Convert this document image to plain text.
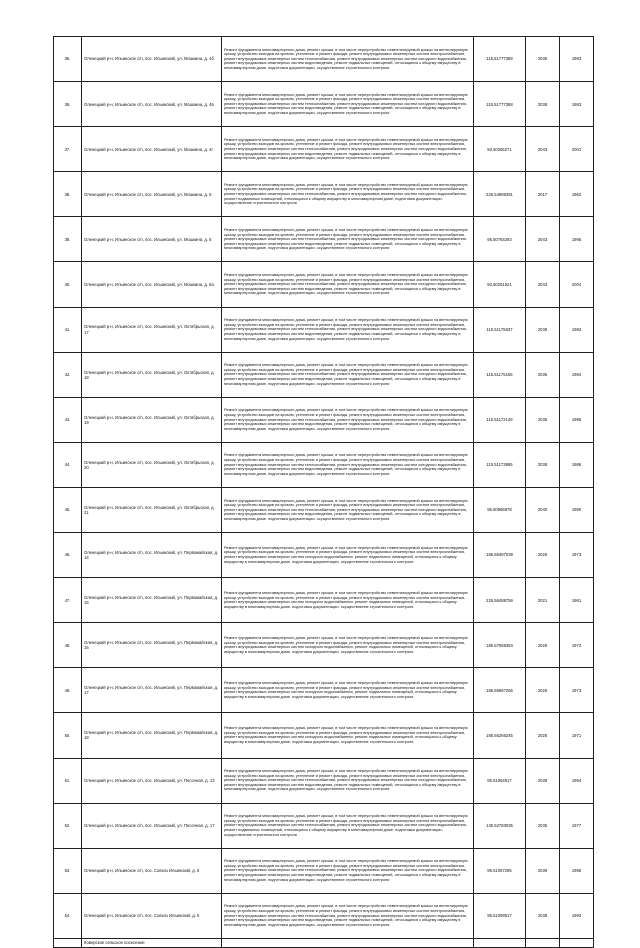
35.	Оленецкий р-н, Ильинское с/п, пос. Ильинский, ул. Мошкина, д. 4б	Ремонт фундамента многоквартирного дома, ремонт крыши, в том числе переустройство невентилируемой крыши на вентилируемую крышу, устройство выходов на кровлю, утепление и ремонт фасада, ремонт внутридомовых инженерных систем электроснабжения, ремонт внутридомовых инженерных систем теплоснабжения, ремонт внутридомовых инженерных систем холодного водоснабжения, ремонт внутридомовых инженерных систем водоотведения, ремонт подвальных помещений, относящихся к общему имуществу в многоквартирном доме, подготовка документации, осуществление строительного контроля	115.51777388	2036	1983
36.	Оленецкий р-н, Ильинское с/п, пос. Ильинский, ул. Мошкина, д. 4в	Ремонт фундамента многоквартирного дома, ремонт крыши, в том числе переустройство невентилируемой крыши на вентилируемую крышу, устройство выходов на кровлю, утепление и ремонт фасада, ремонт внутридомовых инженерных систем электроснабжения, ремонт внутридомовых инженерных систем теплоснабжения, ремонт внутридомовых инженерных систем холодного водоснабжения, ремонт внутридомовых инженерных систем водоотведения, ремонт подвальных помещений, относящихся к общему имуществу в многоквартирном доме, подготовка документации, осуществление строительного контроля	115.51777388	2038	1983
37.	Оленецкий р-н, Ильинское с/п, пос. Ильинский, ул. Мошкина, д. 4г	Ремонт фундамента многоквартирного дома, ремонт крыши, в том числе переустройство невентилируемой крыши на вентилируемую крышу, устройство выходов на кровлю, утепление и ремонт фасада, ремонт внутридомовых инженерных систем электроснабжения, ремонт внутридомовых инженерных систем теплоснабжения, ремонт внутридомовых инженерных систем холодного водоснабжения, ремонт внутридомовых инженерных систем водоотведения, ремонт подвальных помещений, относящихся к общему имуществу в многоквартирном доме, подготовка документации, осуществление строительного контроля	50.50265271	2043	2001
38.	Оленецкий р-н, Ильинское с/п, пос. Ильинский, ул. Мошкина, д. 5	Ремонт фундамента многоквартирного дома, ремонт крыши, в том числе переустройство невентилируемой крыши на вентилируемую крышу, устройство выходов на кровлю, утепление и ремонт фасада, ремонт внутридомовых инженерных систем электроснабжения, ремонт внутридомовых инженерных систем теплоснабжения, ремонт внутридомовых инженерных систем холодного водоснабжения, ремонт подвальных помещений, относящихся к общему имуществу в многоквартирном доме, подготовка документации, осуществление строительного контроля	226.54898391	2017	1962
39.	Оленецкий р-н, Ильинское с/п, пос. Ильинский, ул. Мошкина, д. 6	Ремонт фундамента многоквартирного дома, ремонт крыши, в том числе переустройство невентилируемой крыши на вентилируемую крышу, устройство выходов на кровлю, утепление и ремонт фасада, ремонт внутридомовых инженерных систем электроснабжения, ремонт внутридомовых инженерных систем теплоснабжения, ремонт внутридомовых инженерных систем холодного водоснабжения, ремонт внутридомовых инженерных систем водоотведения, ремонт подвальных помещений, относящихся к общему имуществу в многоквартирном доме, подготовка документации, осуществление строительного контроля	95.50764293	2043	1995
40.	Оленецкий р-н, Ильинское с/п, пос. Ильинский, ул. Мошкина, д. 6а	Ремонт фундамента многоквартирного дома, ремонт крыши, в том числе переустройство невентилируемой крыши на вентилируемую крышу, устройство выходов на кровлю, утепление и ремонт фасада, ремонт внутридомовых инженерных систем электроснабжения, ремонт внутридомовых инженерных систем теплоснабжения, ремонт внутридомовых инженерных систем холодного водоснабжения, ремонт внутридомовых инженерных систем водоотведения, ремонт подвальных помещений, относящихся к общему имуществу в многоквартирном доме, подготовка документации, осуществление строительного контроля	50.50251521	2043	2004
41.	Оленецкий р-н, Ильинское с/п, пос. Ильинский, ул. Октябрьская, д. 17	Ремонт фундамента многоквартирного дома, ремонт крыши, в том числе переустройство невентилируемой крыши на вентилируемую крышу, устройство выходов на кровлю, утепление и ремонт фасада, ремонт внутридомовых инженерных систем электроснабжения, ремонт внутридомовых инженерных систем теплоснабжения, ремонт внутридомовых инженерных систем холодного водоснабжения, ремонт внутридомовых инженерных систем водоотведения, ремонт подвальных помещений, относящихся к общему имуществу в многоквартирном доме, подготовка документации, осуществление строительного контроля	115.51175637	2038	1983
42.	Оленецкий р-н, Ильинское с/п, пос. Ильинский, ул. Октябрьская, д. 18	Ремонт фундамента многоквартирного дома, ремонт крыши, в том числе переустройство невентилируемой крыши на вентилируемую крышу, устройство выходов на кровлю, утепление и ремонт фасада, ремонт внутридомовых инженерных систем электроснабжения, ремонт внутридомовых инженерных систем теплоснабжения, ремонт внутридомовых инженерных систем холодного водоснабжения, ремонт внутридомовых инженерных систем водоотведения, ремонт подвальных помещений, относящихся к общему имуществу в многоквартирном доме, подготовка документации, осуществление строительного контроля	115.51175165	2036	1984
43.	Оленецкий р-н, Ильинское с/п, пос. Ильинский, ул. Октябрьская, д. 19	Ремонт фундамента многоквартирного дома, ремонт крыши, в том числе переустройство невентилируемой крыши на вентилируемую крышу, устройство выходов на кровлю, утепление и ремонт фасада, ремонт внутридомовых инженерных систем электроснабжения, ремонт внутридомовых инженерных систем теплоснабжения, ремонт внутридомовых инженерных систем холодного водоснабжения, ремонт внутридомовых инженерных систем водоотведения, ремонт подвальных помещений, относящихся к общему имуществу в многоквартирном доме, подготовка документации, осуществление строительного контроля	115.51172149	2036	1985
44.	Оленецкий р-н, Ильинское с/п, пос. Ильинский, ул. Октябрьская, д. 20	Ремонт фундамента многоквартирного дома, ремонт крыши, в том числе переустройство невентилируемой крыши на вентилируемую крышу, устройство выходов на кровлю, утепление и ремонт фасада, ремонт внутридомовых инженерных систем электроснабжения, ремонт внутридомовых инженерных систем теплоснабжения, ремонт внутридомовых инженерных систем холодного водоснабжения, ремонт внутридомовых инженерных систем водоотведения, ремонт подвальных помещений, относящихся к общему имуществу в многоквартирном доме, подготовка документации, осуществление строительного контроля	115.51173885	2038	1986
45.	Оленецкий р-н, Ильинское с/п, пос. Ильинский, ул. Октябрьская, д. 21	Ремонт фундамента многоквартирного дома, ремонт крыши, в том числе переустройство невентилируемой крыши на вентилируемую крышу, устройство выходов на кровлю, утепление и ремонт фасада, ремонт внутридомовых инженерных систем электроснабжения, ремонт внутридомовых инженерных систем теплоснабжения, ремонт внутридомовых инженерных систем холодного водоснабжения, ремонт внутридомовых инженерных систем водоотведения, ремонт подвальных помещений, относящихся к общему имуществу в многоквартирном доме, подготовка документации, осуществление строительного контроля	95.50966878	2040	1990
46.	Оленецкий р-н, Ильинское с/п, пос. Ильинский, ул. Первомайская, д. 14	Ремонт фундамента многоквартирного дома, ремонт крыши, в том числе переустройство невентилируемой крыши на вентилируемую крышу, устройство выходов на кровлю, утепление и ремонт фасада, ремонт внутридомовых инженерных систем электроснабжения, ремонт внутридомовых инженерных систем холодного водоснабжения, ремонт подвальных помещений, относящихся к общему имуществу в многоквартирном доме, подготовка документации, осуществление строительного контроля	185.56487039	2026	1973
47.	Оленецкий р-н, Ильинское с/п, пос. Ильинский, ул. Первомайская, д. 15	Ремонт фундамента многоквартирного дома, ремонт крыши, в том числе переустройство невентилируемой крыши на вентилируемую крышу, устройство выходов на кровлю, утепление и ремонт фасада, ремонт внутридомовых инженерных систем электроснабжения, ремонт внутридомовых инженерных систем холодного водоснабжения, ремонт подвальных помещений, относящихся к общему имуществу в многоквартирном доме, подготовка документации, осуществление строительного контроля	225.56488759	2021	1961
48.	Оленецкий р-н, Ильинское с/п, пос. Ильинский, ул. Первомайская, д. 16	Ремонт фундамента многоквартирного дома, ремонт крыши, в том числе переустройство невентилируемой крыши на вентилируемую крышу, устройство выходов на кровлю, утепление и ремонт фасада, ремонт внутридомовых инженерных систем электроснабжения, ремонт внутридомовых инженерных систем холодного водоснабжения, ремонт подвальных помещений, относящихся к общему имуществу в многоквартирном доме, подготовка документации, осуществление строительного контроля	185.57068384	2026	1972
49.	Оленецкий р-н, Ильинское с/п, пос. Ильинский, ул. Первомайская, д. 17	Ремонт фундамента многоквартирного дома, ремонт крыши, в том числе переустройство невентилируемой крыши на вентилируемую крышу, устройство выходов на кровлю, утепление и ремонт фасада, ремонт внутридомовых инженерных систем электроснабжения, ремонт внутридомовых инженерных систем холодного водоснабжения, ремонт подвальных помещений, относящихся к общему имуществу в многоквартирном доме, подготовка документации, осуществление строительного контроля	185.56687266	2026	1973
50.	Оленецкий р-н, Ильинское с/п, пос. Ильинский, ул. Первомайская, д. 18	Ремонт фундамента многоквартирного дома, ремонт крыши, в том числе переустройство невентилируемой крыши на вентилируемую крышу, устройство выходов на кровлю, утепление и ремонт фасада, ремонт внутридомовых инженерных систем электроснабжения, ремонт внутридомовых инженерных систем холодного водоснабжения, ремонт подвальных помещений, относящихся к общему имуществу в многоквартирном доме, подготовка документации, осуществление строительного контроля	185.56266245	2026	1971
51.	Оленецкий р-н, Ильинское с/п, пос. Ильинский, ул. Песочная, д. 13	Ремонт фундамента многоквартирного дома, ремонт крыши, в том числе переустройство невентилируемой крыши на вентилируемую крышу, устройство выходов на кровлю, утепление и ремонт фасада, ремонт внутридомовых инженерных систем электроснабжения, ремонт внутридомовых инженерных систем теплоснабжения, ремонт внутридомовых инженерных систем холодного водоснабжения, ремонт внутридомовых инженерных систем водоотведения, ремонт подвальных помещений, относящихся к общему имуществу в многоквартирном доме, подготовка документации, осуществление строительного контроля	95.51064917	2039	1994
52.	Оленецкий р-н, Ильинское с/п, пос. Ильинский, ул. Песочная, д. 17	Ремонт фундамента многоквартирного дома, ремонт крыши, в том числе переустройство невентилируемой крыши на вентилируемую крышу, устройство выходов на кровлю, утепление и ремонт фасада, ремонт внутридомовых инженерных систем электроснабжения, ремонт внутридомовых инженерных систем теплоснабжения, ремонт внутридомовых инженерных систем холодного водоснабжения, ремонт подвальных помещений, относящихся к общему имуществу в многоквартирном доме, подготовка документации, осуществление строительного контроля	135.52783035	2035	1977
53.	Оленецкий р-н, Ильинское с/п, пос. Совхоз Ильинский, д. 6	Ремонт фундамента многоквартирного дома, ремонт крыши, в том числе переустройство невентилируемой крыши на вентилируемую крышу, устройство выходов на кровлю, утепление и ремонт фасада, ремонт внутридомовых инженерных систем электроснабжения, ремонт внутридомовых инженерных систем теплоснабжения, ремонт внутридомовых инженерных систем холодного водоснабжения, ремонт внутридомовых инженерных систем водоотведения, ремонт подвальных помещений, относящихся к общему имуществу в многоквартирном доме, подготовка документации, осуществление строительного контроля	95.51067295	2039	1995
54.	Оленецкий р-н, Ильинское с/п, пос. Совхоз Ильинский, д. 5	Ремонт фундамента многоквартирного дома, ремонт крыши, в том числе переустройство невентилируемой крыши на вентилируемую крышу, устройство выходов на кровлю, утепление и ремонт фасада, ремонт внутридомовых инженерных систем электроснабжения, ремонт внутридомовых инженерных систем теплоснабжения, ремонт внутридомовых инженерных систем холодного водоснабжения, ремонт внутридомовых инженерных систем водоотведения, ремонт подвальных помещений, относящихся к общему имуществу в многоквартирном доме, подготовка документации, осуществление строительного контроля	95.51069517	2038	1993
	Коверское сельское поселение				
